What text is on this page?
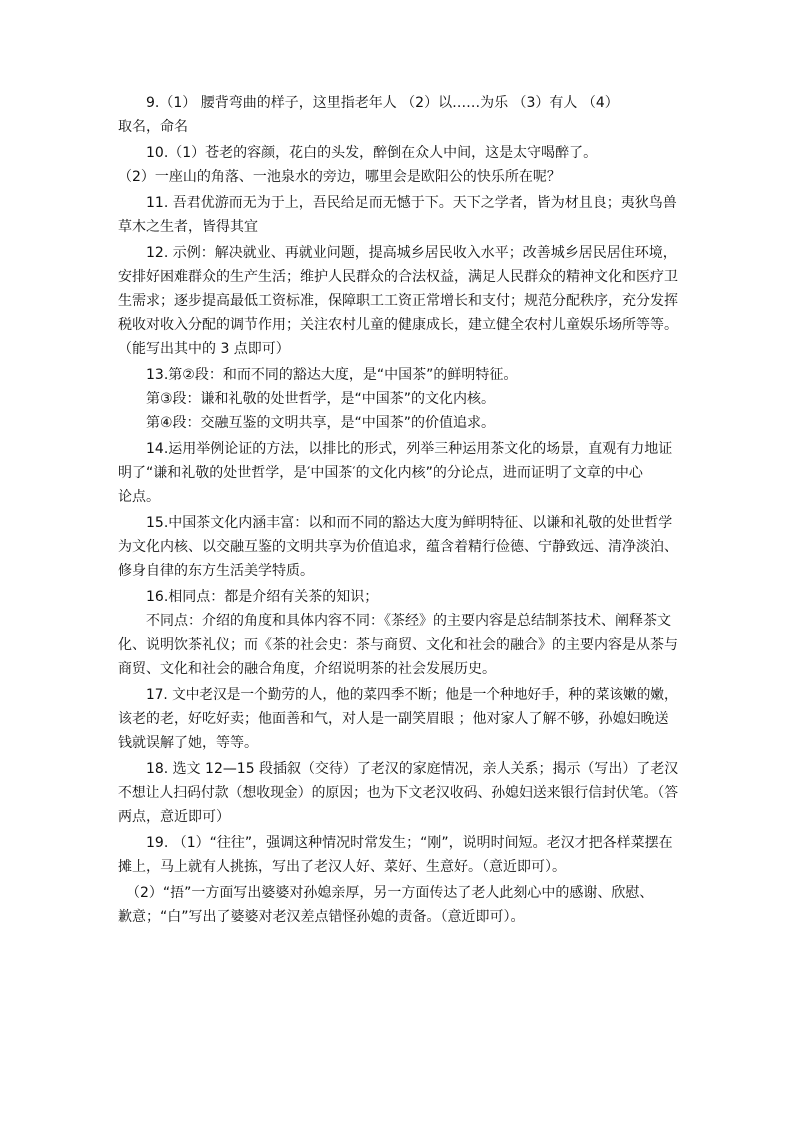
9.（1） 腰背弯曲的样子，这里指老年人 （2）以……为乐 （3）有人 （4）
取名，命名
10.（1）苍老的容颜，花白的头发，醉倒在众人中间，这是太守喝醉了。
（2）一座山的角落、一池泉水的旁边，哪里会是欧阳公的快乐所在呢？
11. 吾君优游而无为于上，吾民给足而无憾于下。天下之学者，皆为材且良；夷狄鸟兽
草木之生者，皆得其宜
12. 示例：解决就业、再就业问题，提高城乡居民收入水平；改善城乡居民居住环境，
安排好困难群众的生产生活；维护人民群众的合法权益，满足人民群众的精神文化和医疗卫
生需求；逐步提高最低工资标准，保障职工工资正常增长和支付；规范分配秩序，充分发挥
税收对收入分配的调节作用；关注农村儿童的健康成长，建立健全农村儿童娱乐场所等等。
（能写出其中的 3 点即可）
13.第②段：和而不同的豁达大度，是“中国茶”的鲜明特征。
第③段：谦和礼敬的处世哲学，是“中国茶”的文化内核。
第④段：交融互鉴的文明共享，是“中国茶”的价值追求。
14.运用举例论证的方法，以排比的形式，列举三种运用茶文化的场景，直观有力地证
明了“谦和礼敬的处世哲学，是′中国茶′的文化内核”的分论点，进而证明了文章的中心
论点。
15.中国茶文化内涵丰富：以和而不同的豁达大度为鲜明特征、以谦和礼敬的处世哲学
为文化内核、以交融互鉴的文明共享为价值追求，蕴含着精行俭德、宁静致远、清净淡泊、
修身自律的东方生活美学特质。
16.相同点：都是介绍有关茶的知识；
不同点：介绍的角度和具体内容不同：《茶经》的主要内容是总结制茶技术、阐释茶文
化、说明饮茶礼仪；而《茶的社会史：茶与商贸、文化和社会的融合》的主要内容是从茶与
商贸、文化和社会的融合角度，介绍说明茶的社会发展历史。
17. 文中老汉是一个勤劳的人，他的菜四季不断；他是一个种地好手，种的菜该嫩的嫩，
该老的老，好吃好卖；他面善和气，对人是一副笑眉眼 ；他对家人了解不够，孙媳妇晚送
钱就误解了她，等等。
18. 选文 12—15 段插叙（交待）了老汉的家庭情况，亲人关系；揭示（写出）了老汉
不想让人扫码付款（想收现金）的原因；也为下文老汉收码、孙媳妇送来银行信封伏笔。（答
两点，意近即可）
19. （1）“往往”，强调这种情况时常发生；“刚”，说明时间短。老汉才把各样菜摆在
摊上，马上就有人挑拣，写出了老汉人好、菜好、生意好。（意近即可）。
（2）“捂”一方面写出婆婆对孙媳亲厚，另一方面传达了老人此刻心中的感谢、欣慰、
歉意；“白”写出了婆婆对老汉差点错怪孙媳的责备。（意近即可）。
